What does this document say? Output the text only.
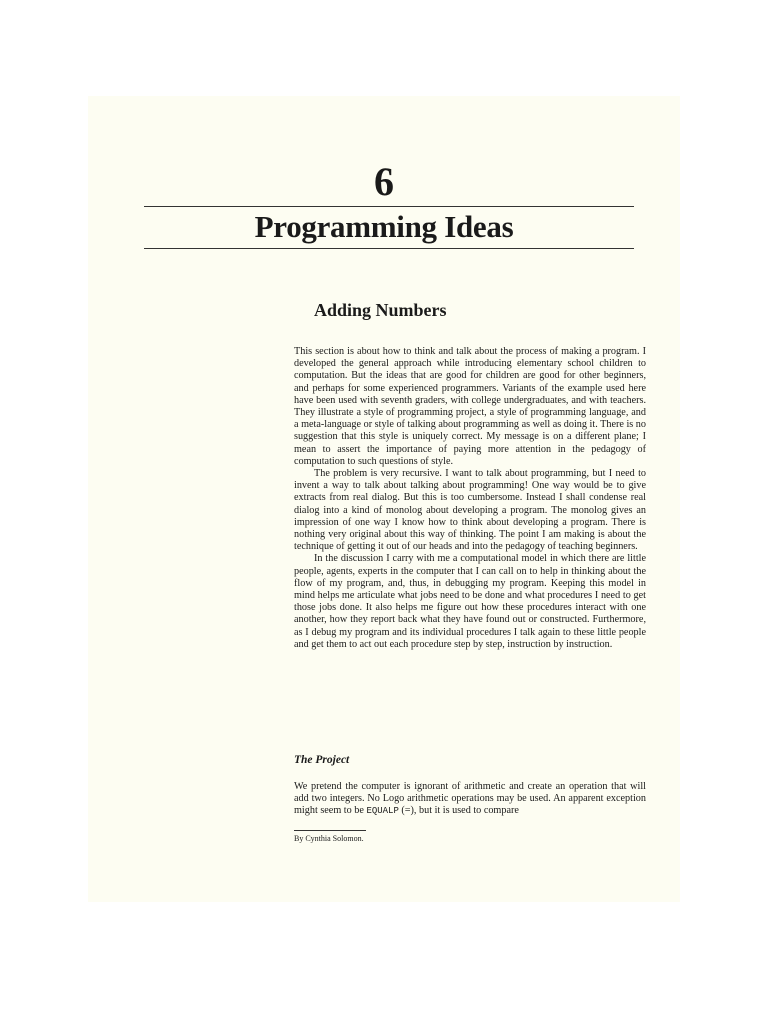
6
Programming Ideas
Adding Numbers

This section is about how to think and talk about the process of making a program. I developed the general approach while introducing elementary school children to computation. But the ideas that are good for children are good for other beginners, and perhaps for some experienced programmers. Variants of the example used here have been used with seventh graders, with college undergraduates, and with teachers. They illustrate a style of programming project, a style of programming language, and a meta-language or style of talking about programming as well as doing it. There is no suggestion that this style is uniquely correct. My message is on a different plane; I mean to assert the importance of paying more attention in the pedagogy of computation to such questions of style.

The problem is very recursive. I want to talk about programming, but I need to invent a way to talk about talking about programming! One way would be to give extracts from real dialog. But this is too cumbersome. Instead I shall condense real dialog into a kind of monolog about developing a program. The monolog gives an impression of one way I know how to think about developing a program. There is nothing very original about this way of thinking. The point I am making is about the technique of getting it out of our heads and into the pedagogy of teaching beginners.

In the discussion I carry with me a computational model in which there are little people, agents, experts in the computer that I can call on to help in thinking about the flow of my program, and, thus, in debugging my program. Keeping this model in mind helps me articulate what jobs need to be done and what procedures I need to get those jobs done. It also helps me figure out how these procedures interact with one another, how they report back what they have found out or constructed. Furthermore, as I debug my program and its individual procedures I talk again to these little people and get them to act out each procedure step by step, instruction by instruction.

The Project

We pretend the computer is ignorant of arithmetic and create an operation that will add two integers. No Logo arithmetic operations may be used. An apparent exception might seem to be EQUALP (=), but it is used to compare

By Cynthia Solomon.
